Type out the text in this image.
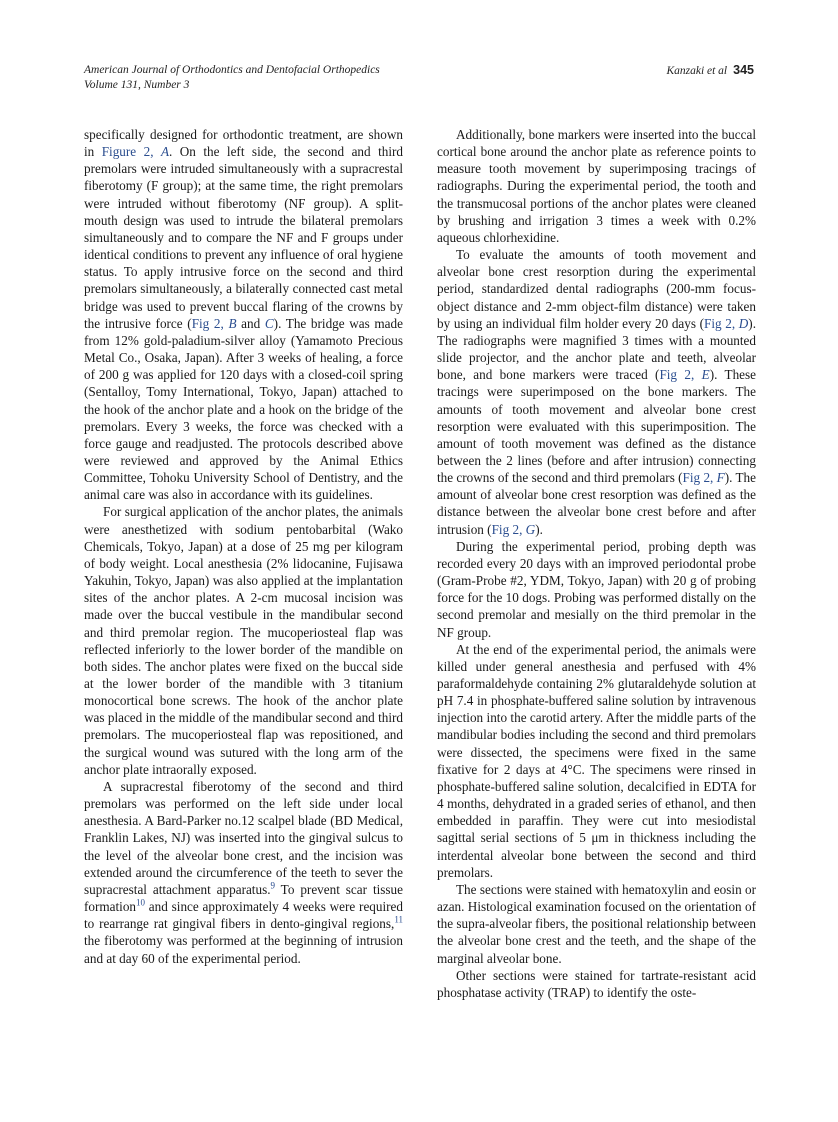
American Journal of Orthodontics and Dentofacial Orthopedics
Volume 131, Number 3
Kanzaki et al 345

specifically designed for orthodontic treatment, are shown in Figure 2, A. On the left side, the second and third premolars were intruded simultaneously with a supracrestal fiberotomy (F group); at the same time, the right premolars were intruded without fiberotomy (NF group). A split-mouth design was used to intrude the bilateral premolars simultaneously and to compare the NF and F groups under identical conditions to prevent any influence of oral hygiene status. To apply intrusive force on the second and third premolars simultaneously, a bilaterally connected cast metal bridge was used to prevent buccal flaring of the crowns by the intrusive force (Fig 2, B and C). The bridge was made from 12% gold-paladium-silver alloy (Yamamoto Precious Metal Co., Osaka, Japan). After 3 weeks of healing, a force of 200 g was applied for 120 days with a closed-coil spring (Sentalloy, Tomy International, Tokyo, Japan) attached to the hook of the anchor plate and a hook on the bridge of the premolars. Every 3 weeks, the force was checked with a force gauge and readjusted. The protocols described above were reviewed and approved by the Animal Ethics Committee, Tohoku University School of Dentistry, and the animal care was also in accordance with its guidelines.

For surgical application of the anchor plates, the animals were anesthetized with sodium pentobarbital (Wako Chemicals, Tokyo, Japan) at a dose of 25 mg per kilogram of body weight. Local anesthesia (2% lidocanine, Fujisawa Yakuhin, Tokyo, Japan) was also applied at the implantation sites of the anchor plates. A 2-cm mucosal incision was made over the buccal vestibule in the mandibular second and third premolar region. The mucoperiosteal flap was reflected inferiorly to the lower border of the mandible on both sides. The anchor plates were fixed on the buccal side at the lower border of the mandible with 3 titanium monocortical bone screws. The hook of the anchor plate was placed in the middle of the mandibular second and third premolars. The mucoperiosteal flap was repositioned, and the surgical wound was sutured with the long arm of the anchor plate intraorally exposed.

A supracrestal fiberotomy of the second and third premolars was performed on the left side under local anesthesia. A Bard-Parker no.12 scalpel blade (BD Medical, Franklin Lakes, NJ) was inserted into the gingival sulcus to the level of the alveolar bone crest, and the incision was extended around the circumference of the teeth to sever the supracrestal attachment apparatus.$^9$ To prevent scar tissue formation$^{10}$ and since approximately 4 weeks were required to rearrange rat gingival fibers in dento-gingival regions,$^{11}$ the fiberotomy was performed at the beginning of intrusion and at day 60 of the experimental period.

Additionally, bone markers were inserted into the buccal cortical bone around the anchor plate as reference points to measure tooth movement by superimposing tracings of radiographs. During the experimental period, the tooth and the transmucosal portions of the anchor plates were cleaned by brushing and irrigation 3 times a week with 0.2% aqueous chlorhexidine.

To evaluate the amounts of tooth movement and alveolar bone crest resorption during the experimental period, standardized dental radiographs (200-mm focus-object distance and 2-mm object-film distance) were taken by using an individual film holder every 20 days (Fig 2, D). The radiographs were magnified 3 times with a mounted slide projector, and the anchor plate and teeth, alveolar bone, and bone markers were traced (Fig 2, E). These tracings were superimposed on the bone markers. The amounts of tooth movement and alveolar bone crest resorption were evaluated with this superimposition. The amount of tooth movement was defined as the distance between the 2 lines (before and after intrusion) connecting the crowns of the second and third premolars (Fig 2, F). The amount of alveolar bone crest resorption was defined as the distance between the alveolar bone crest before and after intrusion (Fig 2, G).

During the experimental period, probing depth was recorded every 20 days with an improved periodontal probe (Gram-Probe #2, YDM, Tokyo, Japan) with 20 g of probing force for the 10 dogs. Probing was performed distally on the second premolar and mesially on the third premolar in the NF group.

At the end of the experimental period, the animals were killed under general anesthesia and perfused with 4% paraformaldehyde containing 2% glutaraldehyde solution at pH 7.4 in phosphate-buffered saline solution by intravenous injection into the carotid artery. After the middle parts of the mandibular bodies including the second and third premolars were dissected, the specimens were fixed in the same fixative for 2 days at 4°C. The specimens were rinsed in phosphate-buffered saline solution, decalcified in EDTA for 4 months, dehydrated in a graded series of ethanol, and then embedded in paraffin. They were cut into mesiodistal sagittal serial sections of 5 μm in thickness including the interdental alveolar bone between the second and third premolars.

The sections were stained with hematoxylin and eosin or azan. Histological examination focused on the orientation of the supra-alveolar fibers, the positional relationship between the alveolar bone crest and the teeth, and the shape of the marginal alveolar bone.

Other sections were stained for tartrate-resistant acid phosphatase activity (TRAP) to identify the oste-
